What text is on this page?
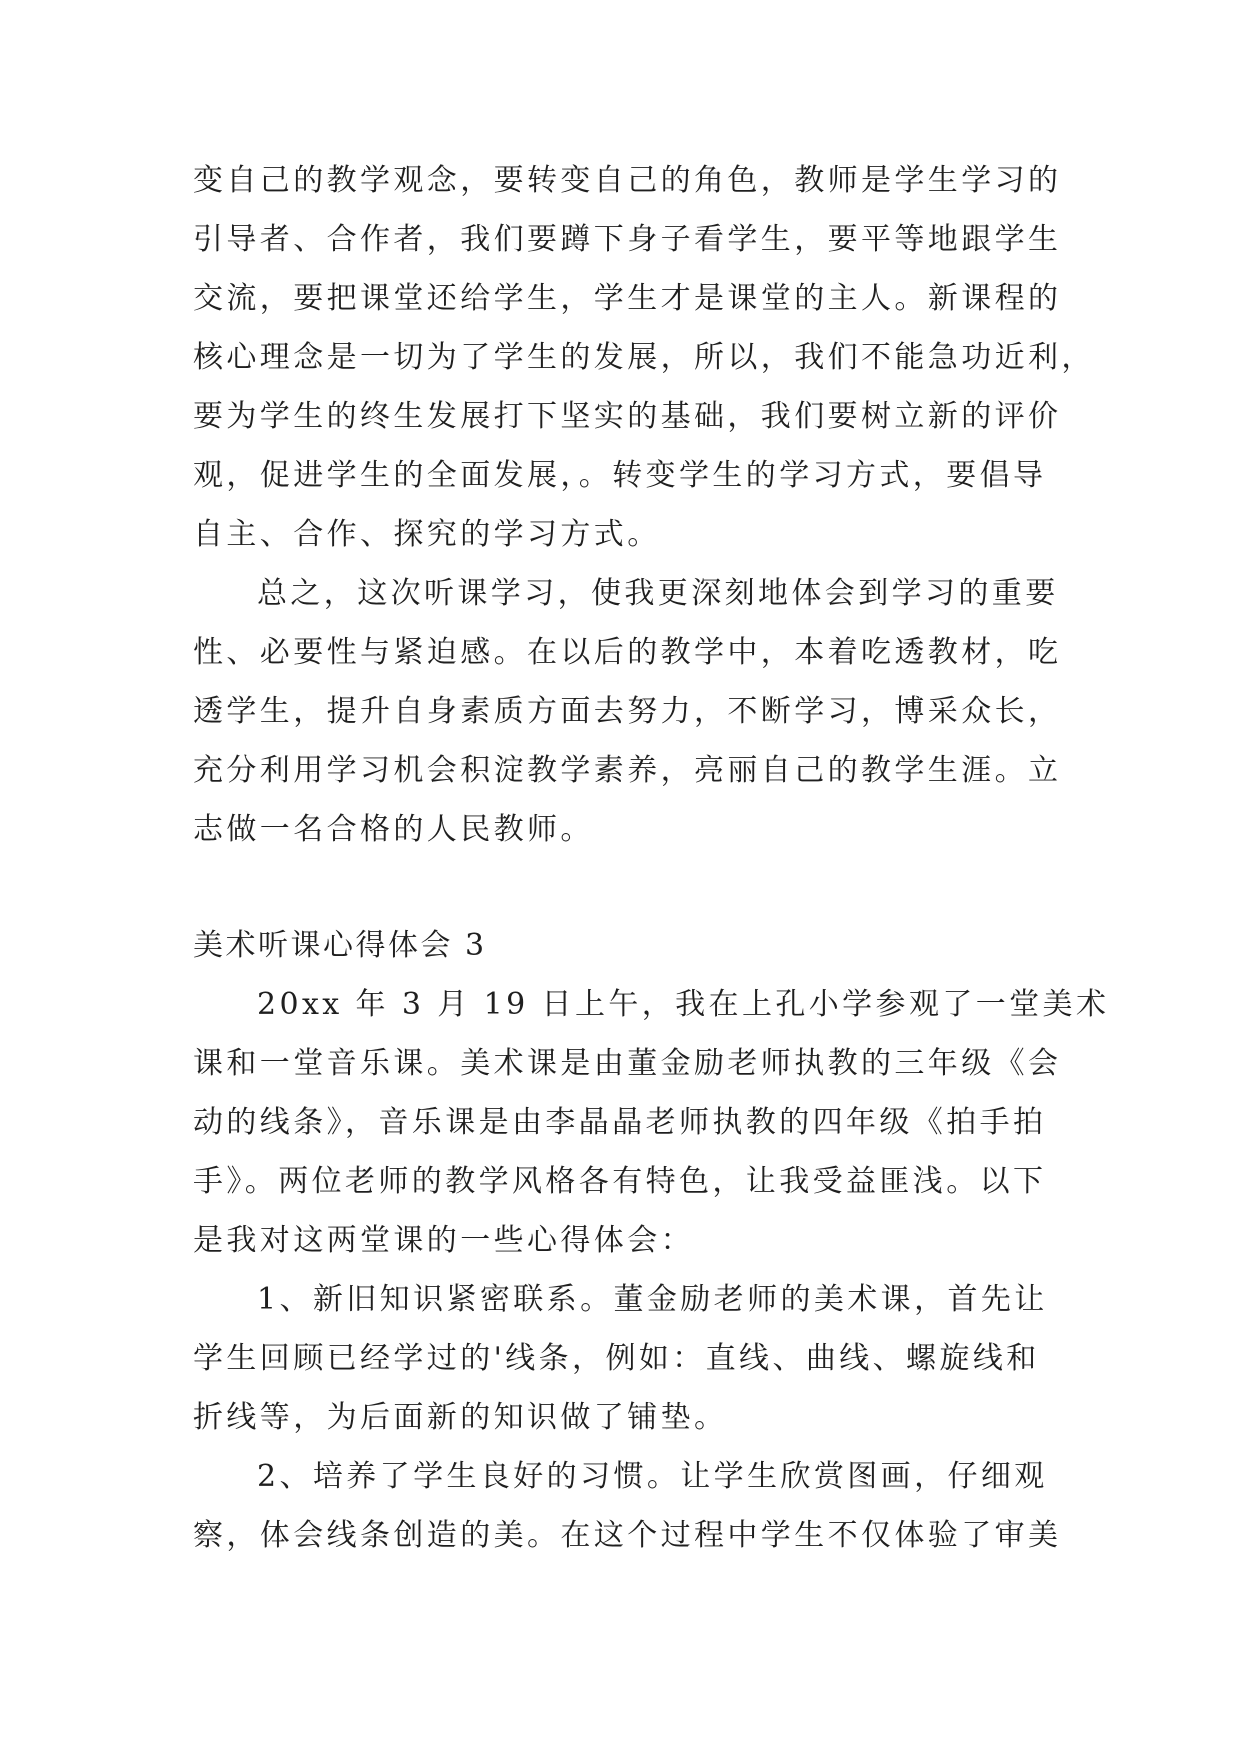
变自己的教学观念，要转变自己的角色，教师是学生学习的
引导者、合作者，我们要蹲下身子看学生，要平等地跟学生
交流，要把课堂还给学生，学生才是课堂的主人。新课程的
核心理念是一切为了学生的发展，所以，我们不能急功近利，
要为学生的终生发展打下坚实的基础，我们要树立新的评价
观，促进学生的全面发展，。转变学生的学习方式，要倡导
自主、合作、探究的学习方式。
总之，这次听课学习，使我更深刻地体会到学习的重要
性、必要性与紧迫感。在以后的教学中，本着吃透教材，吃
透学生，提升自身素质方面去努力，不断学习，博采众长，
充分利用学习机会积淀教学素养，亮丽自己的教学生涯。立
志做一名合格的人民教师。
美术听课心得体会 3
20xx 年 3 月 19 日上午，我在上孔小学参观了一堂美术
课和一堂音乐课。美术课是由董金励老师执教的三年级《会
动的线条》，音乐课是由李晶晶老师执教的四年级《拍手拍
手》。两位老师的教学风格各有特色，让我受益匪浅。以下
是我对这两堂课的一些心得体会：
1、新旧知识紧密联系。董金励老师的美术课，首先让
学生回顾已经学过的'线条，例如：直线、曲线、螺旋线和
折线等，为后面新的知识做了铺垫。
2、培养了学生良好的习惯。让学生欣赏图画，仔细观
察，体会线条创造的美。在这个过程中学生不仅体验了审美
